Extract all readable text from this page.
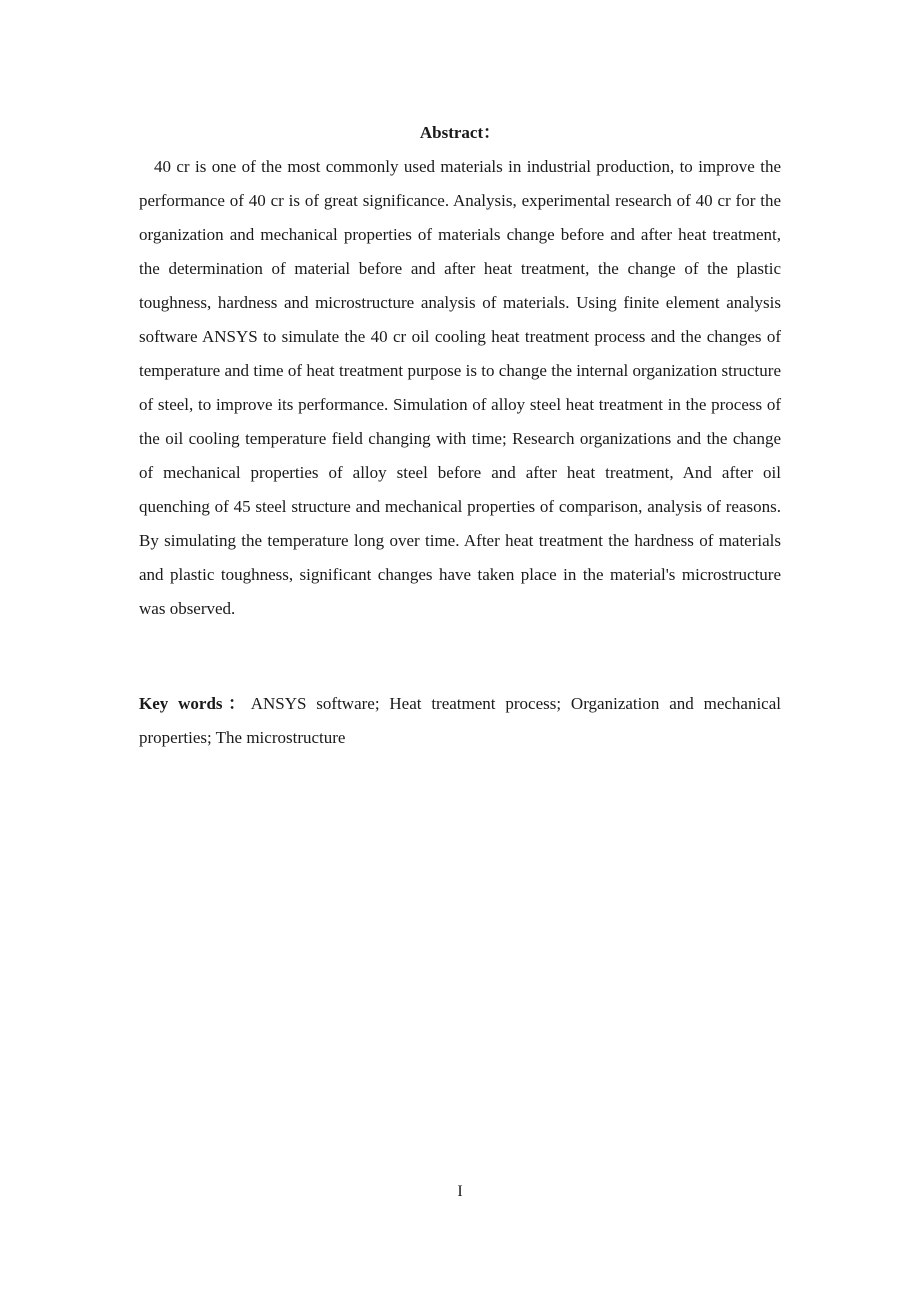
Abstract：

40 cr is one of the most commonly used materials in industrial production, to improve the performance of 40 cr is of great significance. Analysis, experimental research of 40 cr for the organization and mechanical properties of materials change before and after heat treatment, the determination of material before and after heat treatment, the change of the plastic toughness, hardness and microstructure analysis of materials. Using finite element analysis software ANSYS to simulate the 40 cr oil cooling heat treatment process and the changes of temperature and time of heat treatment purpose is to change the internal organization structure of steel, to improve its performance. Simulation of alloy steel heat treatment in the process of the oil cooling temperature field changing with time; Research organizations and the change of mechanical properties of alloy steel before and after heat treatment, And after oil quenching of 45 steel structure and mechanical properties of comparison, analysis of reasons. By simulating the temperature long over time. After heat treatment the hardness of materials and plastic toughness, significant changes have taken place in the material's microstructure was observed.

Key words：ANSYS software; Heat treatment process; Organization and mechanical properties; The microstructure

I
